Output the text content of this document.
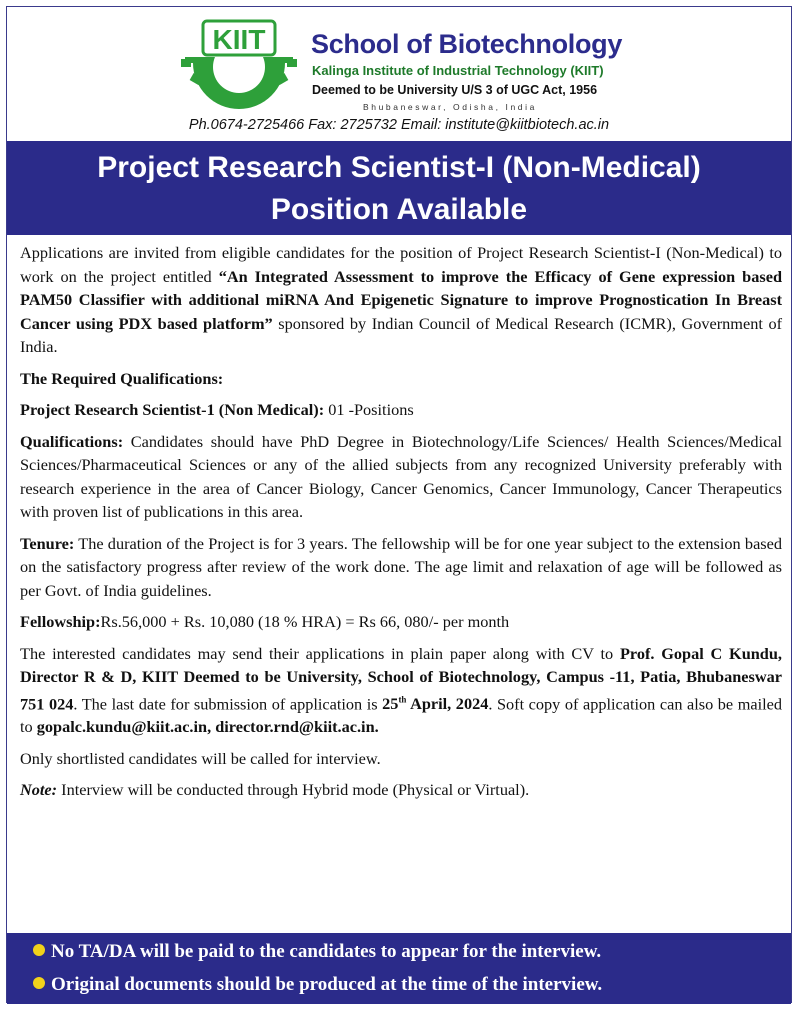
KIIT School of Biotechnology
Kalinga Institute of Industrial Technology (KIIT)
Deemed to be University U/S 3 of UGC Act, 1956
Bhubaneswar, Odisha, India
Ph.0674-2725466 Fax: 2725732 Email: institute@kiitbiotech.ac.in
Project Research Scientist-I (Non-Medical)
Position Available

Applications are invited from eligible candidates for the position of Project Research Scientist-I (Non-Medical) to work on the project entitled “An Integrated Assessment to improve the Efficacy of Gene expression based PAM50 Classifier with additional miRNA And Epigenetic Signature to improve Prognostication In Breast Cancer using PDX based platform” sponsored by Indian Council of Medical Research (ICMR), Government of India.

The Required Qualifications:

Project Research Scientist-1 (Non Medical): 01 -Positions

Qualifications: Candidates should have PhD Degree in Biotechnology/Life Sciences/ Health Sciences/Medical Sciences/Pharmaceutical Sciences or any of the allied subjects from any recognized University preferably with research experience in the area of Cancer Biology, Cancer Genomics, Cancer Immunology, Cancer Therapeutics with proven list of publications in this area.

Tenure: The duration of the Project is for 3 years. The fellowship will be for one year subject to the extension based on the satisfactory progress after review of the work done. The age limit and relaxation of age will be followed as per Govt. of India guidelines.

Fellowship:Rs.56,000 + Rs. 10,080 (18 % HRA) = Rs 66, 080/- per month

The interested candidates may send their applications in plain paper along with CV to Prof. Gopal C Kundu, Director R & D, KIIT Deemed to be University, School of Biotechnology, Campus -11, Patia, Bhubaneswar 751 024. The last date for submission of application is 25th April, 2024. Soft copy of application can also be mailed to gopalc.kundu@kiit.ac.in, director.rnd@kiit.ac.in.

Only shortlisted candidates will be called for interview.

Note: Interview will be conducted through Hybrid mode (Physical or Virtual).

No TA/DA will be paid to the candidates to appear for the interview.
Original documents should be produced at the time of the interview.
